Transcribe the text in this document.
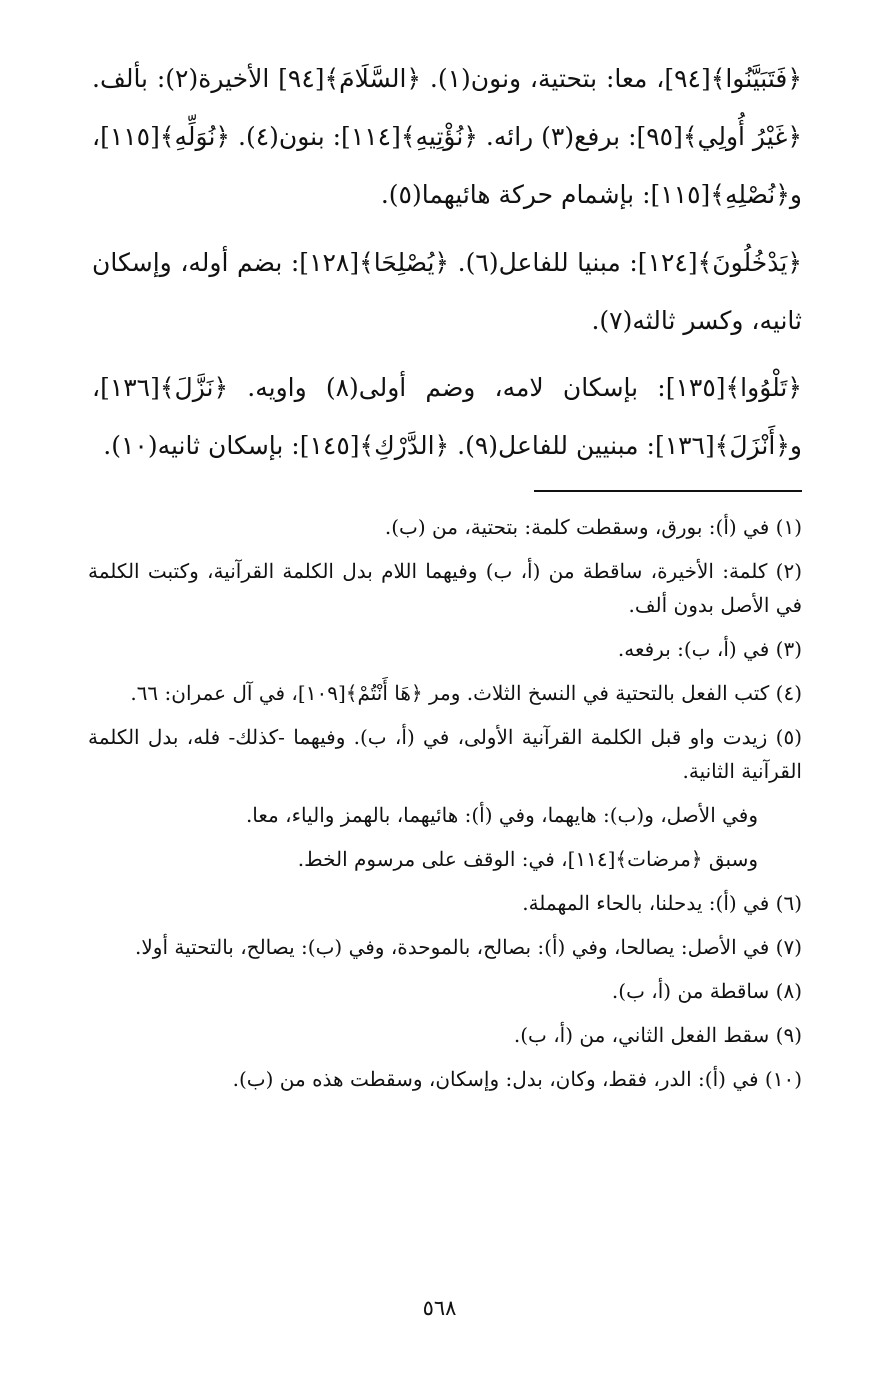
﴿فَتَبَيَّنُوا﴾[٩٤]، معا: بتحتية، ونون(١). ﴿السَّلَامَ﴾[٩٤] الأخيرة(٢): بألف. ﴿غَيْرُ أُولِي﴾[٩٥]: برفع(٣) رائه. ﴿نُؤْتِيهِ﴾[١١٤]: بنون(٤). ﴿نُوَلِّهِ﴾[١١٥]، و﴿نُصْلِهِ﴾[١١٥]: بإشمام حركة هائيهما(٥).

﴿يَدْخُلُونَ﴾[١٢٤]: مبنيا للفاعل(٦). ﴿يُصْلِحَا﴾[١٢٨]: بضم أوله، وإسكان ثانيه، وكسر ثالثه(٧).

﴿تَلْوُوا﴾[١٣٥]: بإسكان لامه، وضم أولى(٨) واويه. ﴿نَزَّلَ﴾[١٣٦]، و﴿أَنْزَلَ﴾[١٣٦]: مبنيين للفاعل(٩). ﴿الدَّرْكِ﴾[١٤٥]: بإسكان ثانيه(١٠).

(١) في (أ): بورق، وسقطت كلمة: بتحتية، من (ب).

(٢) كلمة: الأخيرة، ساقطة من (أ، ب) وفيهما اللام بدل الكلمة القرآنية، وكتبت الكلمة في الأصل بدون ألف.

(٣) في (أ، ب): برفعه.

(٤) كتب الفعل بالتحتية في النسخ الثلاث. ومر ﴿هَا أَنْتُمْ﴾[١٠٩]، في آل عمران: ٦٦.

(٥) زيدت واو قبل الكلمة القرآنية الأولى، في (أ، ب). وفيهما -كذلك- فله، بدل الكلمة القرآنية الثانية.

وفي الأصل، و(ب): هايهما، وفي (أ): هائيهما، بالهمز والياء، معا.

وسبق ﴿مرضات﴾[١١٤]، في: الوقف على مرسوم الخط.

(٦) في (أ): يدحلنا، بالحاء المهملة.

(٧) في الأصل: يصالحا، وفي (أ): بصالح، بالموحدة، وفي (ب): يصالح، بالتحتية أولا.

(٨) ساقطة من (أ، ب).

(٩) سقط الفعل الثاني، من (أ، ب).

(١٠) في (أ): الدر، فقط، وكان، بدل: وإسكان، وسقطت هذه من (ب).

٥٦٨
